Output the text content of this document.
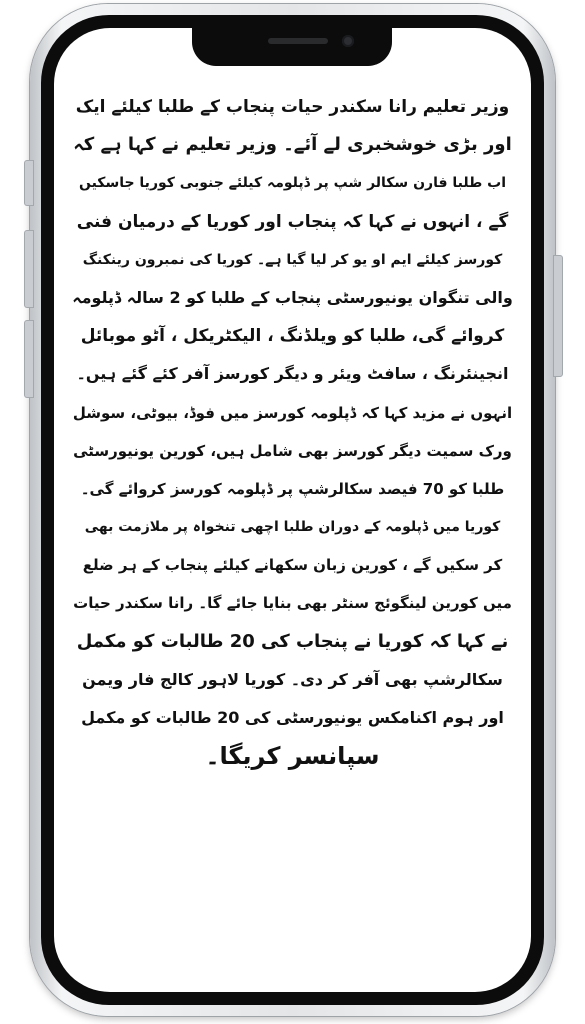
وزیر تعلیم رانا سکندر حیات پنجاب کے طلبا کیلئے ایک
اور بڑی خوشخبری لے آئے۔ وزیر تعلیم نے کہا ہے کہ
اب طلبا فارن سکالر شپ پر ڈپلومہ کیلئے جنوبی کوریا جاسکیں
گے ، انہوں نے کہا کہ پنجاب اور کوریا کے درمیان فنی
کورسز کیلئے ایم او یو کر لیا گیا ہے۔ کوریا کی نمبرون رینکنگ
والی تنگوان یونیورسٹی پنجاب کے طلبا کو 2 سالہ ڈپلومہ
کروائے گی، طلبا کو ویلڈنگ ، الیکٹریکل ، آٹو موبائل
انجینئرنگ ، سافٹ ویئر و دیگر کورسز آفر کئے گئے ہیں۔
انہوں نے مزید کہا کہ ڈپلومہ کورسز میں فوڈ، بیوٹی، سوشل
ورک سمیت دیگر کورسز بھی شامل ہیں، کورین یونیورسٹی
طلبا کو 70 فیصد سکالرشپ پر ڈپلومہ کورسز کروائے گی۔
کوریا میں ڈپلومہ کے دوران طلبا اچھی تنخواہ پر ملازمت بھی
کر سکیں گے ، کورین زبان سکھانے کیلئے پنجاب کے ہر ضلع
میں کورین لینگوئج سنٹر بھی بنایا جائے گا۔ رانا سکندر حیات
نے کہا کہ کوریا نے پنجاب کی 20 طالبات کو مکمل
سکالرشپ بھی آفر کر دی۔ کوریا لاہور کالج فار ویمن
اور ہوم اکنامکس یونیورسٹی کی 20 طالبات کو مکمل
سپانسر کریگا۔
